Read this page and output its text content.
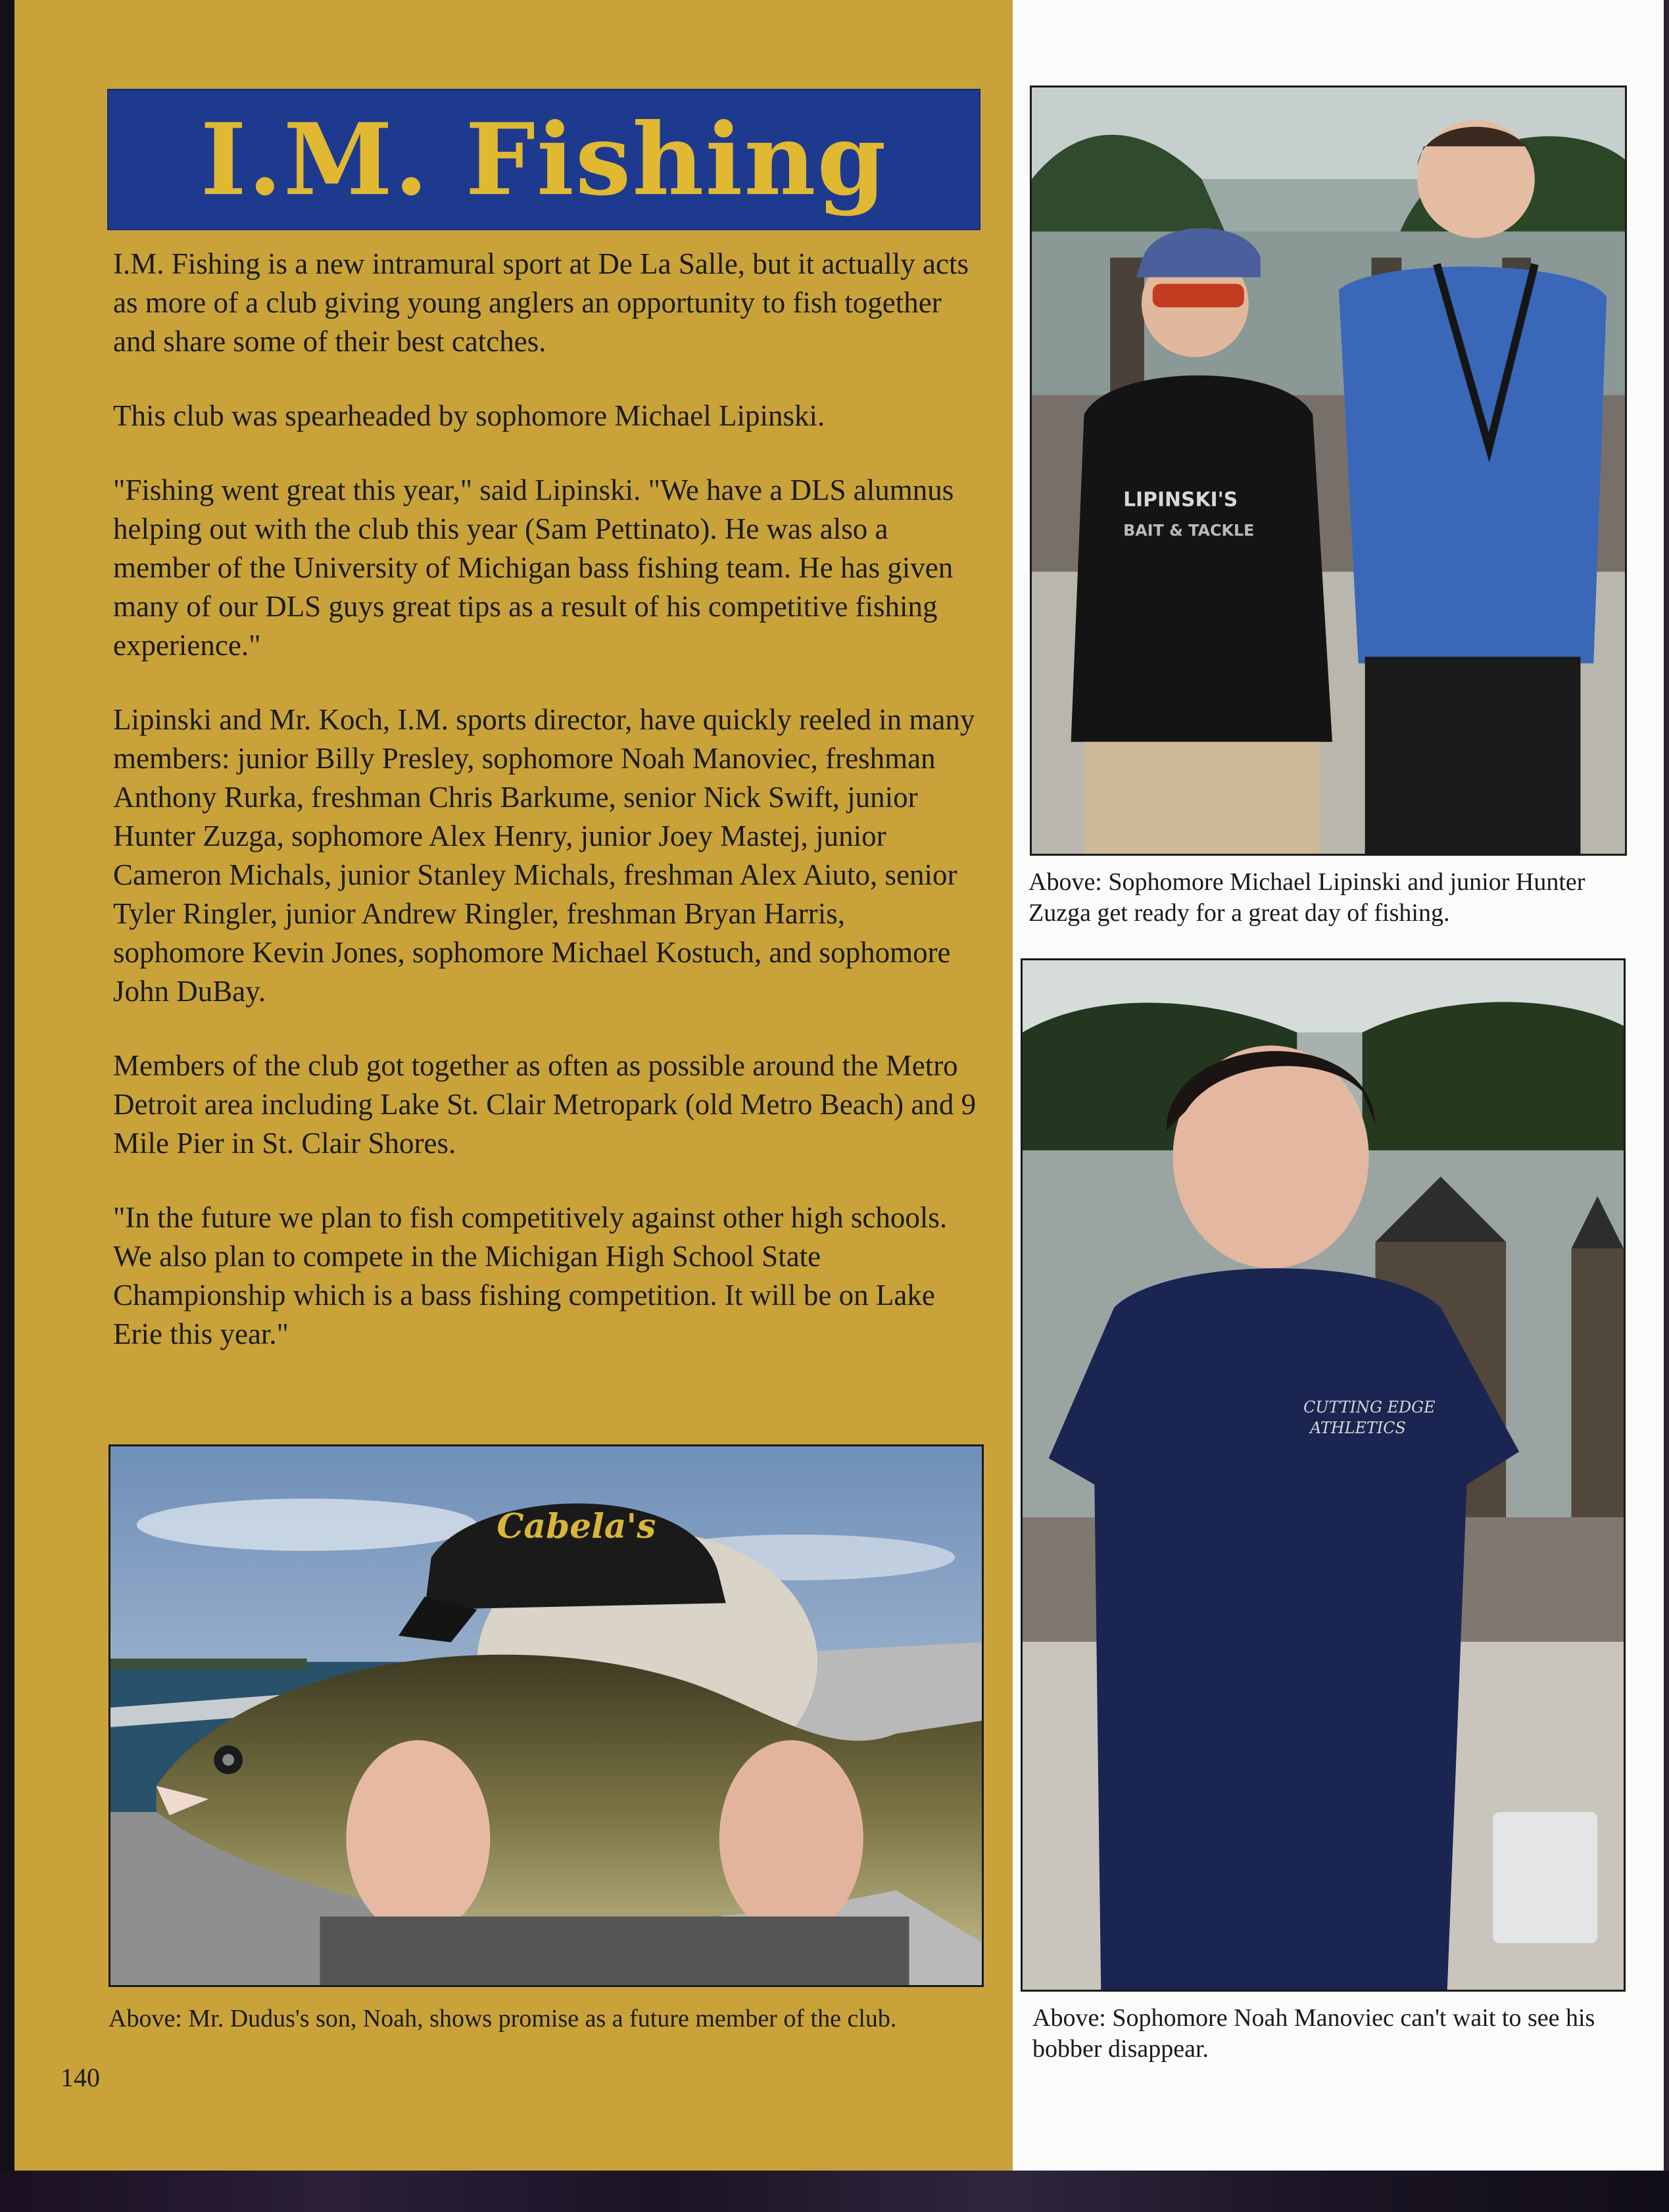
I.M. Fishing

I.M. Fishing is a new intramural sport at De La Salle, but it actually acts as more of a club giving young anglers an opportunity to fish together and share some of their best catches.

This club was spearheaded by sophomore Michael Lipinski.

"Fishing went great this year," said Lipinski. "We have a DLS alumnus helping out with the club this year (Sam Pettinato). He was also a member of the University of Michigan bass fishing team. He has given many of our DLS guys great tips as a result of his competitive fishing experience."

Lipinski and Mr. Koch, I.M. sports director, have quickly reeled in many members: junior Billy Presley, sophomore Noah Manoviec, freshman Anthony Rurka, freshman Chris Barkume, senior Nick Swift, junior Hunter Zuzga, sophomore Alex Henry, junior Joey Mastej, junior Cameron Michals, junior Stanley Michals, freshman Alex Aiuto, senior Tyler Ringler, junior Andrew Ringler, freshman Bryan Harris, sophomore Kevin Jones, sophomore Michael Kostuch, and sophomore John DuBay.

Members of the club got together as often as possible around the Metro Detroit area including Lake St. Clair Metropark (old Metro Beach) and 9 Mile Pier in St. Clair Shores.

"In the future we plan to fish competitively against other high schools. We also plan to compete in the Michigan High School State Championship which is a bass fishing competition. It will be on Lake Erie this year."

Cabela's
Above: Mr. Dudus's son, Noah, shows promise as a future member of the club.
LIPINSKI'S
BAIT & TACKLE
Above: Sophomore Michael Lipinski and junior Hunter Zuzga get ready for a great day of fishing.
CUTTING EDGE
ATHLETICS
Above: Sophomore Noah Manoviec can't wait to see his bobber disappear.
140
